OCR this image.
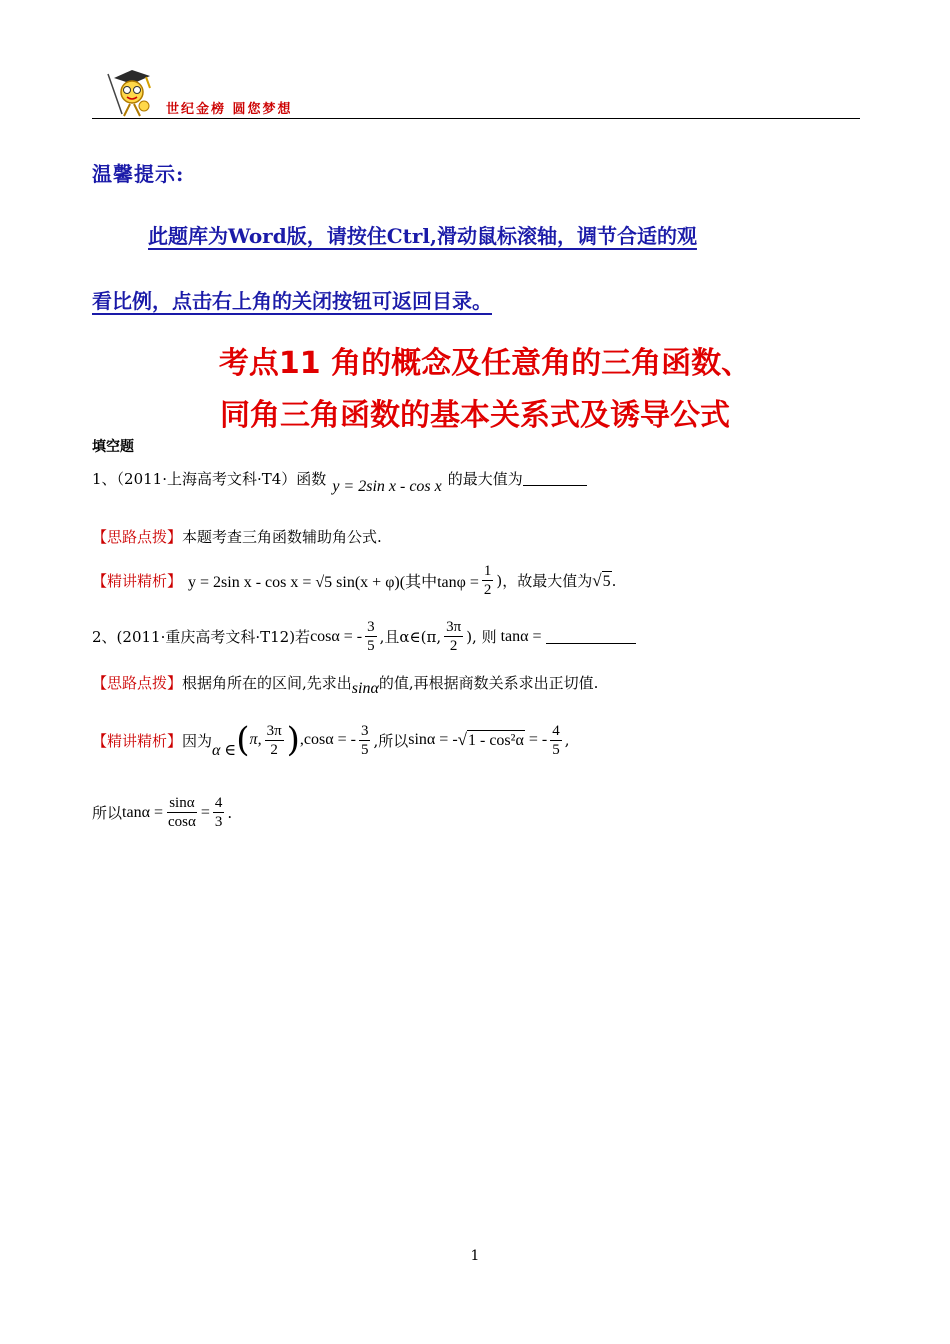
世纪金榜 圆您梦想
温馨提示:
此题库为Word版，请按住Ctrl,滑动鼠标滚轴，调节合适的观
看比例，点击右上角的关闭按钮可返回目录。
考点11 角的概念及任意角的三角函数、
同角三角函数的基本关系式及诱导公式
填空题
1、（2011·上海高考文科·T4）函数 y = 2sin x - cos x 的最大值为
【思路点拨】 本题考查三角函数辅助角公式.
【精讲精析】 y = 2sin x - cos x = √5 sin(x + φ)(其中$\tan\varphi = \frac{1}{2}$ )，故最大值为 √ 5 .
2、(2011·重庆高考文科·T12)若 cosα = - $\frac{3}{5}$ ,且α∈(π, $\frac{3\pi}{2}$ ), 则 tanα =
【思路点拨】 根据角所在的区间,先求出 sinα 的值,再根据商数关系求出正切值.
【精讲精析】 因为
α ∈ ( π, $\frac{3\pi}{2}$ ) ,cosα = - $\frac{3}{5}$ ,所以 sinα = - √ 1 - cos²α = - $\frac{4}{5}$ ,
所以 $\tan\alpha = \frac{\sin\alpha}{\cos\alpha} = \frac{4}{3}$ .
1
